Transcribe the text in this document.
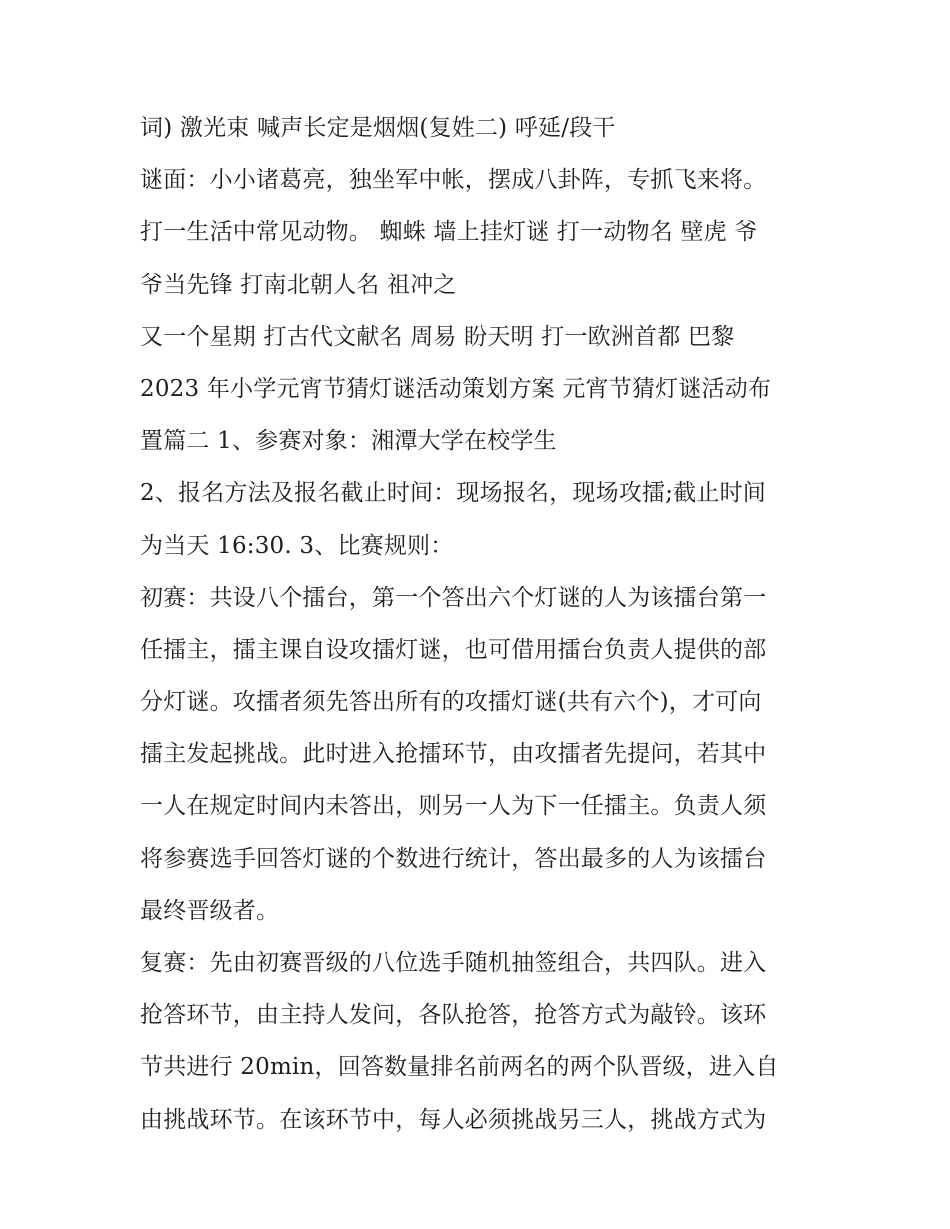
词) 激光束 喊声长定是烟烟(复姓二) 呼延/段干
谜面：小小诸葛亮，独坐军中帐，摆成八卦阵，专抓飞来将。
打一生活中常见动物。 蜘蛛 墙上挂灯谜 打一动物名 壁虎 爷
爷当先锋 打南北朝人名 祖冲之
又一个星期 打古代文献名 周易 盼天明 打一欧洲首都 巴黎
2023 年小学元宵节猜灯谜活动策划方案 元宵节猜灯谜活动布
置篇二 1、参赛对象：湘潭大学在校学生
2、报名方法及报名截止时间：现场报名，现场攻擂;截止时间
为当天 16:30. 3、比赛规则：
初赛：共设八个擂台，第一个答出六个灯谜的人为该擂台第一
任擂主，擂主课自设攻擂灯谜，也可借用擂台负责人提供的部
分灯谜。攻擂者须先答出所有的攻擂灯谜(共有六个)，才可向
擂主发起挑战。此时进入抢擂环节，由攻擂者先提问，若其中
一人在规定时间内未答出，则另一人为下一任擂主。负责人须
将参赛选手回答灯谜的个数进行统计，答出最多的人为该擂台
最终晋级者。
复赛：先由初赛晋级的八位选手随机抽签组合，共四队。进入
抢答环节，由主持人发问，各队抢答，抢答方式为敲铃。该环
节共进行 20min，回答数量排名前两名的两个队晋级，进入自
由挑战环节。在该环节中，每人必须挑战另三人，挑战方式为
